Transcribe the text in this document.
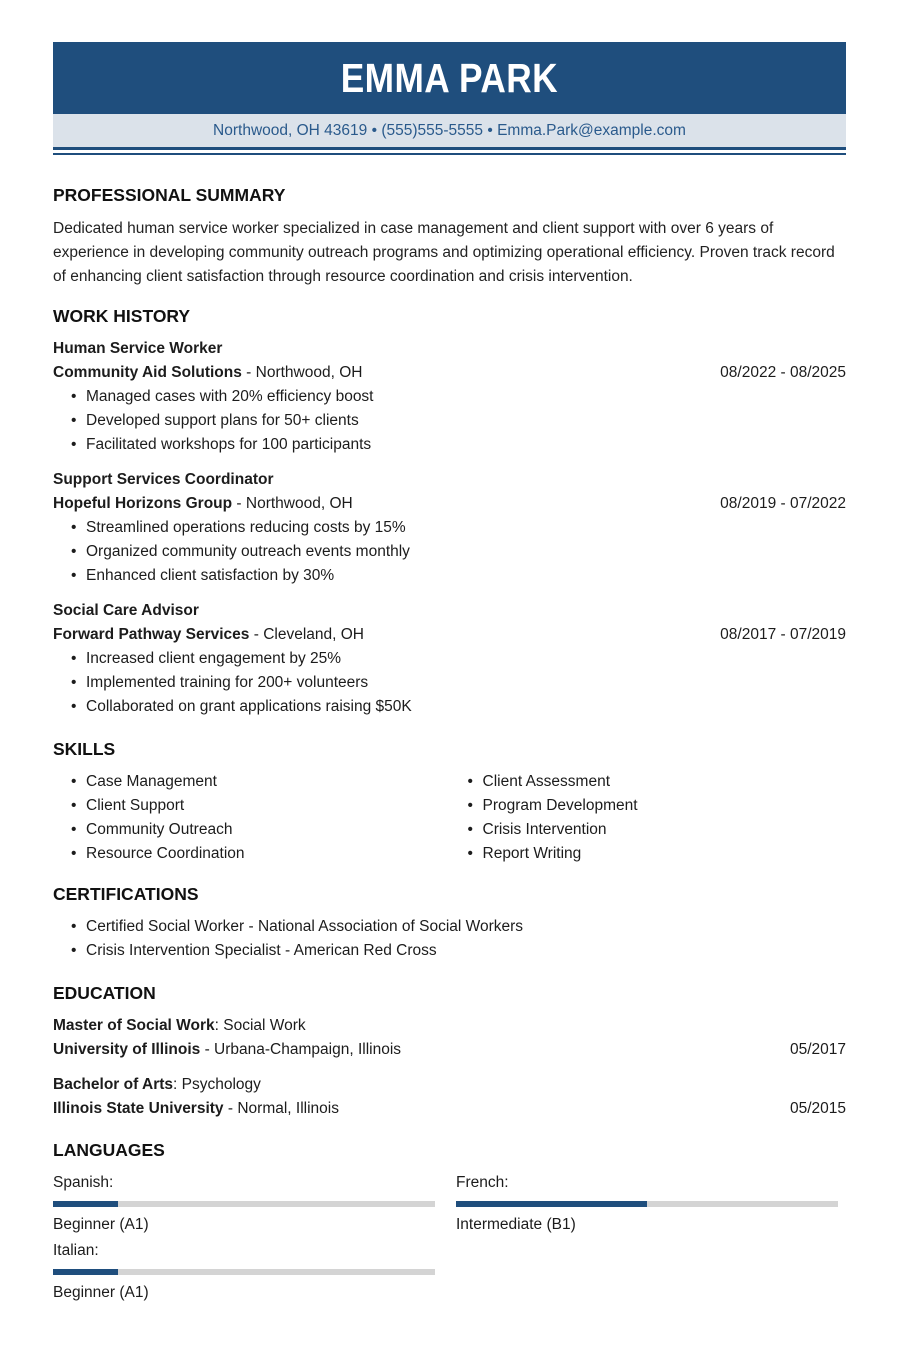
EMMA PARK
Northwood, OH 43619 • (555)555-5555 • Emma.Park@example.com
PROFESSIONAL SUMMARY
Dedicated human service worker specialized in case management and client support with over 6 years of experience in developing community outreach programs and optimizing operational efficiency. Proven track record of enhancing client satisfaction through resource coordination and crisis intervention.
WORK HISTORY
Human Service Worker
Community Aid Solutions - Northwood, OH	08/2022 - 08/2025
• Managed cases with 20% efficiency boost
• Developed support plans for 50+ clients
• Facilitated workshops for 100 participants
Support Services Coordinator
Hopeful Horizons Group - Northwood, OH	08/2019 - 07/2022
• Streamlined operations reducing costs by 15%
• Organized community outreach events monthly
• Enhanced client satisfaction by 30%
Social Care Advisor
Forward Pathway Services - Cleveland, OH	08/2017 - 07/2019
• Increased client engagement by 25%
• Implemented training for 200+ volunteers
• Collaborated on grant applications raising $50K
SKILLS
• Case Management
• Client Support
• Community Outreach
• Resource Coordination
• Client Assessment
• Program Development
• Crisis Intervention
• Report Writing
CERTIFICATIONS
• Certified Social Worker - National Association of Social Workers
• Crisis Intervention Specialist - American Red Cross
EDUCATION
Master of Social Work: Social Work
University of Illinois - Urbana-Champaign, Illinois	05/2017
Bachelor of Arts: Psychology
Illinois State University - Normal, Illinois	05/2015
LANGUAGES
Spanish:
Beginner (A1)
French:
Intermediate (B1)
Italian:
Beginner (A1)
